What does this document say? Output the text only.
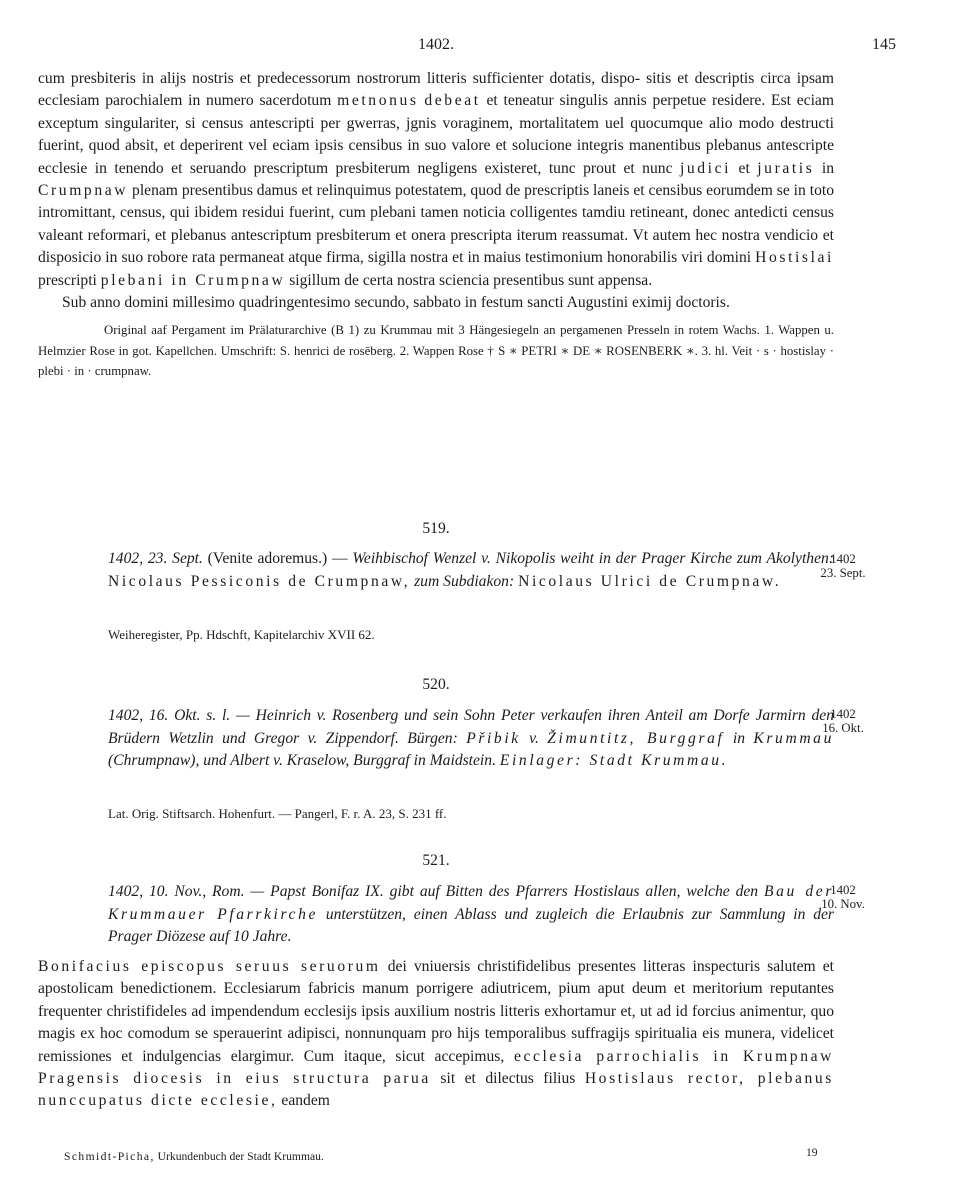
1402.	145

cum presbiteris in alijs nostris et predecessorum nostrorum litteris sufficienter dotatis, dispo- sitis et descriptis circa ipsam ecclesiam parochialem in numero sacerdotum metnonus debeat et teneatur singulis annis perpetue residere. Est eciam exceptum singulariter, si census antescripti per gwerras, jgnis voraginem, mortalitatem uel quocumque alio modo destructi fuerint, quod absit, et deperirent vel eciam ipsis censibus in suo valore et solucione integris manentibus plebanus antescripte ecclesie in tenendo et seruando prescriptum presbiterum negligens existeret, tunc prout et nunc judici et juratis in Crumpnaw plenam presentibus damus et relinquimus potestatem, quod de prescriptis laneis et censibus eorumdem se in toto intromittant, census, qui ibidem residui fuerint, cum plebani tamen noticia colligentes tamdiu retineant, donec antedicti census valeant reformari, et plebanus antescriptum presbiterum et onera prescripta iterum reassumat. Vt autem hec nostra vendicio et disposicio in suo robore rata permaneat atque firma, sigilla nostra et in maius testimonium honorabilis viri domini Hostislai prescripti plebani in Crumpnaw sigillum de certa nostra sciencia presentibus sunt appensa.

Sub anno domini millesimo quadringentesimo secundo, sabbato in festum sancti Augustini eximij doctoris.

Original aaf Pergament im Prälaturarchive (B 1) zu Krummau mit 3 Hängesiegeln an pergamenen Presseln in rotem Wachs. 1. Wappen u. Helmzier Rose in got. Kapellchen. Umschrift: S. henrici de rosēberg. 2. Wappen Rose † S ∗ PETRI ∗ DE ∗ ROSENBERK ∗. 3. hl. Veit · s · hostislay · plebi · in · crumpnaw.

519.
1402, 23. Sept. (Venite adoremus.) — Weihbischof Wenzel v. Nikopolis weiht in der Prager Kirche zum Akolythen: Nicolaus Pessiconis de Crumpnaw, zum Subdiakon: Nicolaus Ulrici de Crumpnaw.
Weiheregister, Pp. Hdschft, Kapitelarchiv XVII 62.
520.
1402, 16. Okt. s. l. — Heinrich v. Rosenberg und sein Sohn Peter verkaufen ihren Anteil am Dorfe Jarmirn den Brüdern Wetzlin und Gregor v. Zippendorf. Bürgen: Přibik v. Žimuntitz, Burggraf in Krummau (Chrumpnaw), und Albert v. Kraselow, Burggraf in Maidstein. Einlager: Stadt Krummau.
Lat. Orig. Stiftsarch. Hohenfurt. — Pangerl, F. r. A. 23, S. 231 ff.
521.
1402, 10. Nov., Rom. — Papst Bonifaz IX. gibt auf Bitten des Pfarrers Hostislaus allen, welche den Bau der Krummauer Pfarrkirche unterstützen, einen Ablass und zugleich die Erlaubnis zur Sammlung in der Prager Diözese auf 10 Jahre.
Bonifacius episcopus seruus seruorum dei vniuersis christifidelibus presentes litteras inspecturis salutem et apostolicam benedictionem. Ecclesiarum fabricis manum porrigere adiutricem, pium aput deum et meritorium reputantes frequenter christifideles ad impendendum ecclesijs ipsis auxilium nostris litteris exhortamur et, ut ad id forcius animentur, quo magis ex hoc comodum se sperauerint adipisci, nonnunquam pro hijs temporalibus suffragijs spiritualia eis munera, videlicet remissiones et indulgencias elargimur. Cum itaque, sicut accepimus, ecclesia parrochialis in Krumpnaw Pragensis diocesis in eius structura parua sit et dilectus filius Hostislaus rector, plebanus nunccupatus dicte ecclesie, eandem
Schmidt-Picha, Urkundenbuch der Stadt Krummau.	19
1402
23. Sept.
1402
16. Okt.
1402
10. Nov.
